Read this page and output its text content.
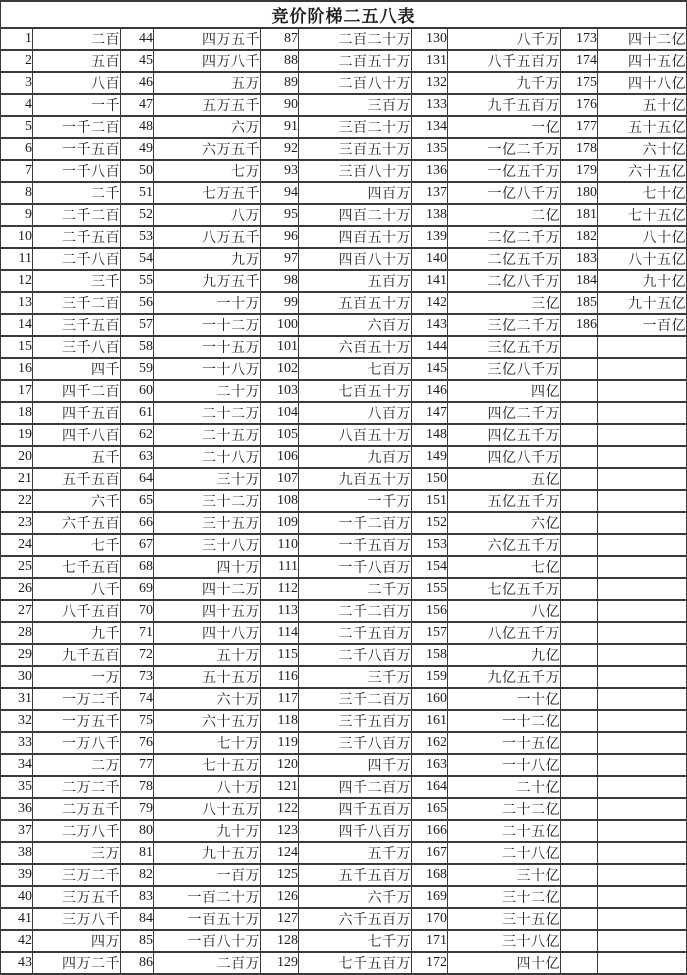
竞价阶梯二五八表									
1	二百	44	四万五千	87	二百二十万	130	八千万	173	四十二亿
2	五百	45	四万八千	88	二百五十万	131	八千五百万	174	四十五亿
3	八百	46	五万	89	二百八十万	132	九千万	175	四十八亿
4	一千	47	五万五千	90	三百万	133	九千五百万	176	五十亿
5	一千二百	48	六万	91	三百二十万	134	一亿	177	五十五亿
6	一千五百	49	六万五千	92	三百五十万	135	一亿二千万	178	六十亿
7	一千八百	50	七万	93	三百八十万	136	一亿五千万	179	六十五亿
8	二千	51	七万五千	94	四百万	137	一亿八千万	180	七十亿
9	二千二百	52	八万	95	四百二十万	138	二亿	181	七十五亿
10	二千五百	53	八万五千	96	四百五十万	139	二亿二千万	182	八十亿
11	二千八百	54	九万	97	四百八十万	140	二亿五千万	183	八十五亿
12	三千	55	九万五千	98	五百万	141	二亿八千万	184	九十亿
13	三千二百	56	一十万	99	五百五十万	142	三亿	185	九十五亿
14	三千五百	57	一十二万	100	六百万	143	三亿二千万	186	一百亿
15	三千八百	58	一十五万	101	六百五十万	144	三亿五千万		
16	四千	59	一十八万	102	七百万	145	三亿八千万		
17	四千二百	60	二十万	103	七百五十万	146	四亿		
18	四千五百	61	二十二万	104	八百万	147	四亿二千万		
19	四千八百	62	二十五万	105	八百五十万	148	四亿五千万		
20	五千	63	二十八万	106	九百万	149	四亿八千万		
21	五千五百	64	三十万	107	九百五十万	150	五亿		
22	六千	65	三十二万	108	一千万	151	五亿五千万		
23	六千五百	66	三十五万	109	一千二百万	152	六亿		
24	七千	67	三十八万	110	一千五百万	153	六亿五千万		
25	七千五百	68	四十万	111	一千八百万	154	七亿		
26	八千	69	四十二万	112	二千万	155	七亿五千万		
27	八千五百	70	四十五万	113	二千二百万	156	八亿		
28	九千	71	四十八万	114	二千五百万	157	八亿五千万		
29	九千五百	72	五十万	115	二千八百万	158	九亿		
30	一万	73	五十五万	116	三千万	159	九亿五千万		
31	一万二千	74	六十万	117	三千二百万	160	一十亿		
32	一万五千	75	六十五万	118	三千五百万	161	一十二亿		
33	一万八千	76	七十万	119	三千八百万	162	一十五亿		
34	二万	77	七十五万	120	四千万	163	一十八亿		
35	二万二千	78	八十万	121	四千二百万	164	二十亿		
36	二万五千	79	八十五万	122	四千五百万	165	二十二亿		
37	二万八千	80	九十万	123	四千八百万	166	二十五亿		
38	三万	81	九十五万	124	五千万	167	二十八亿		
39	三万二千	82	一百万	125	五千五百万	168	三十亿		
40	三万五千	83	一百二十万	126	六千万	169	三十二亿		
41	三万八千	84	一百五十万	127	六千五百万	170	三十五亿		
42	四万	85	一百八十万	128	七千万	171	三十八亿		
43	四万二千	86	二百万	129	七千五百万	172	四十亿		
